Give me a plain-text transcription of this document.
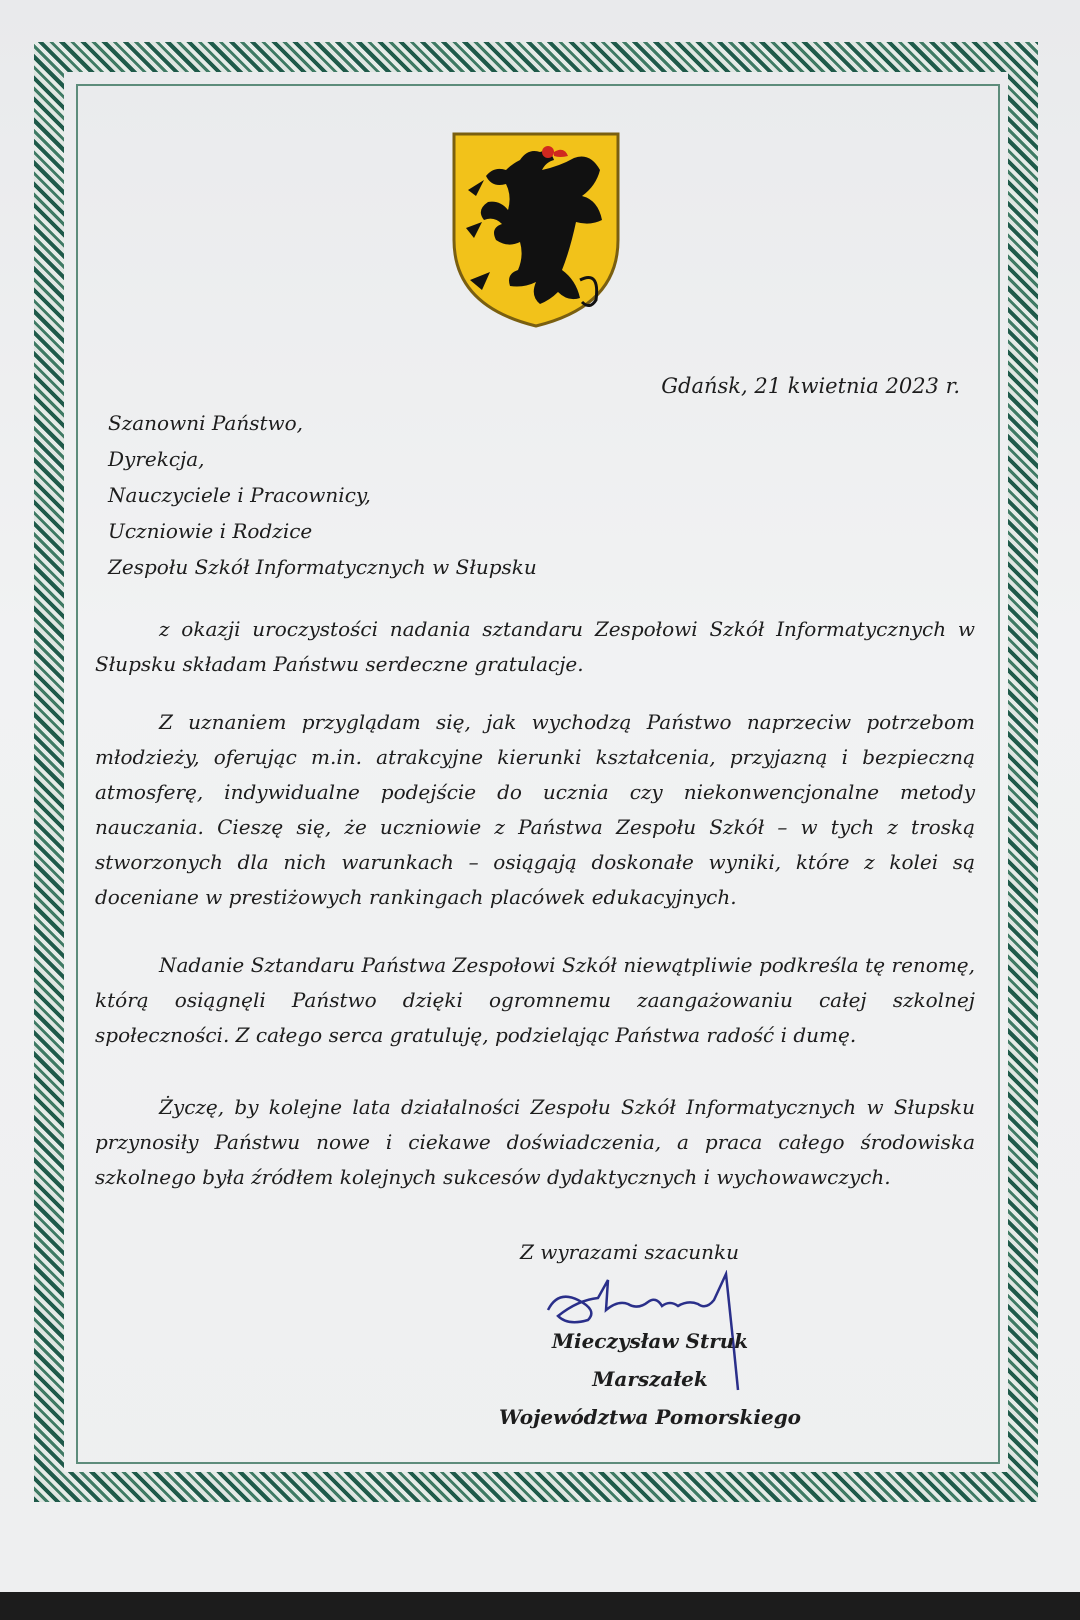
Gdańsk, 21 kwietnia 2023 r.
Szanowni Państwo,
Dyrekcja,
Nauczyciele i Pracownicy,
Uczniowie i Rodzice
Zespołu Szkół Informatycznych w Słupsku
z okazji uroczystości nadania sztandaru Zespołowi Szkół Informatycznych w Słupsku składam Państwu serdeczne gratulacje.
Z uznaniem przyglądam się, jak wychodzą Państwo naprzeciw potrzebom młodzieży, oferując m.in. atrakcyjne kierunki kształcenia, przyjazną i bezpieczną atmosferę, indywidualne podejście do ucznia czy niekonwencjonalne metody nauczania. Cieszę się, że uczniowie z Państwa Zespołu Szkół – w tych z troską stworzonych dla nich warunkach – osiągają doskonałe wyniki, które z kolei są doceniane w prestiżowych rankingach placówek edukacyjnych.
Nadanie Sztandaru Państwa Zespołowi Szkół niewątpliwie podkreśla tę renomę, którą osiągnęli Państwo dzięki ogromnemu zaangażowaniu całej szkolnej społeczności. Z całego serca gratuluję, podzielając Państwa radość i dumę.
Życzę, by kolejne lata działalności Zespołu Szkół Informatycznych w Słupsku przynosiły Państwu nowe i ciekawe doświadczenia, a praca całego środowiska szkolnego była źródłem kolejnych sukcesów dydaktycznych i wychowawczych.
Z wyrazami szacunku
Mieczysław Struk
Marszałek
Województwa Pomorskiego
